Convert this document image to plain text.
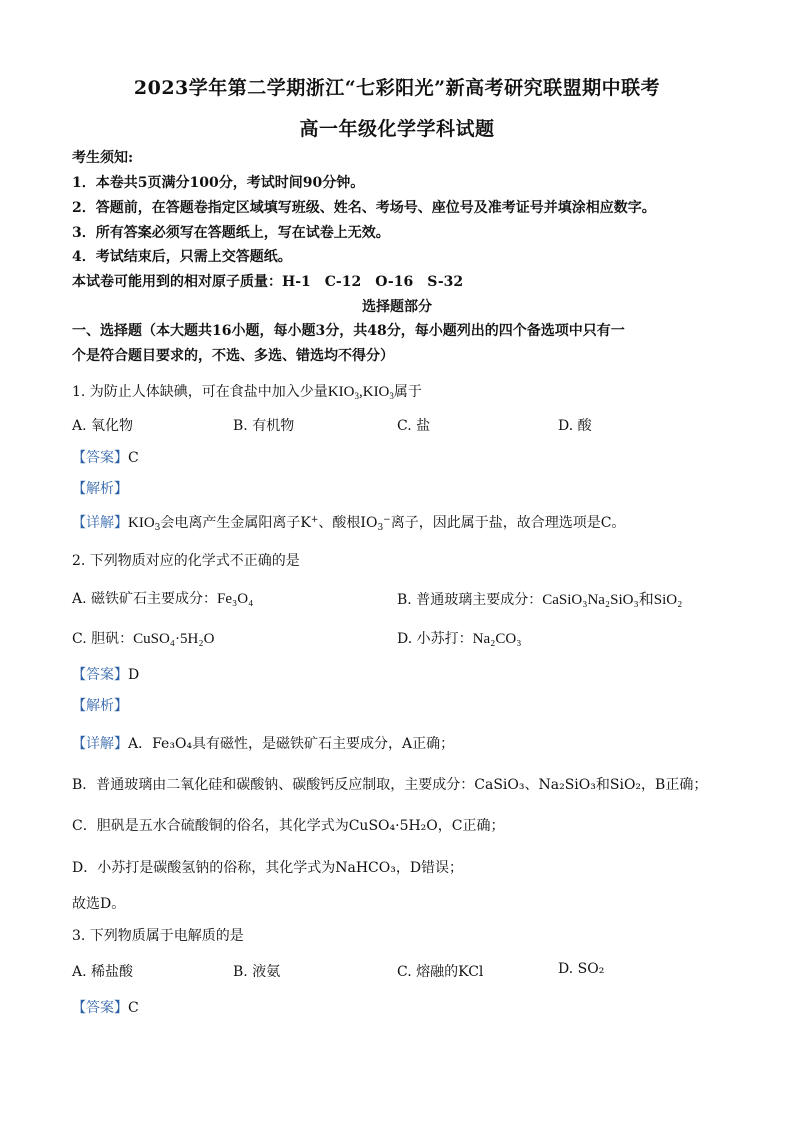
2023学年第二学期浙江“七彩阳光”新高考研究联盟期中联考
高一年级化学学科试题
考生须知:
1．本卷共5页满分100分，考试时间90分钟。
2．答题前，在答题卷指定区域填写班级、姓名、考场号、座位号及准考证号并填涂相应数字。
3．所有答案必须写在答题纸上，写在试卷上无效。
4．考试结束后，只需上交答题纸。
本试卷可能用到的相对原子质量：H-1　C-12　O-16　S-32
选择题部分
一、选择题（本大题共16小题，每小题3分，共48分，每小题列出的四个备选项中只有一
个是符合题目要求的，不选、多选、错选均不得分）
1. 为防止人体缺碘，可在食盐中加入少量$KIO_3,KIO_3$属于
A. 氧化物	B. 有机物	C. 盐	D. 酸
【答案】C
【解析】
【详解】$KIO_3$会电离产生金属阳离子K+、酸根$IO_3^-$离子，因此属于盐，故合理选项是C。
2. 下列物质对应的化学式不正确的是
A. 磁铁矿石主要成分：Fe₃O₄	B. 普通玻璃主要成分：CaSiO₃Na₂SiO₃和SiO₂
C. 胆矾：CuSO₄·5H₂O	D. 小苏打：Na₂CO₃
【答案】D
【解析】
【详解】A．Fe₃O₄具有磁性，是磁铁矿石主要成分，A正确；
B．普通玻璃由二氧化硅和碳酸钠、碳酸钙反应制取，主要成分：CaSiO₃、Na₂SiO₃和SiO₂，B正确；
C．胆矾是五水合硫酸铜的俗名，其化学式为CuSO₄·5H₂O，C正确；
D．小苏打是碳酸氢钠的俗称，其化学式为NaHCO₃，D错误；
故选D。
3. 下列物质属于电解质的是
A. 稀盐酸	B. 液氨	C. 熔融的KCl	D. SO₂
【答案】C
